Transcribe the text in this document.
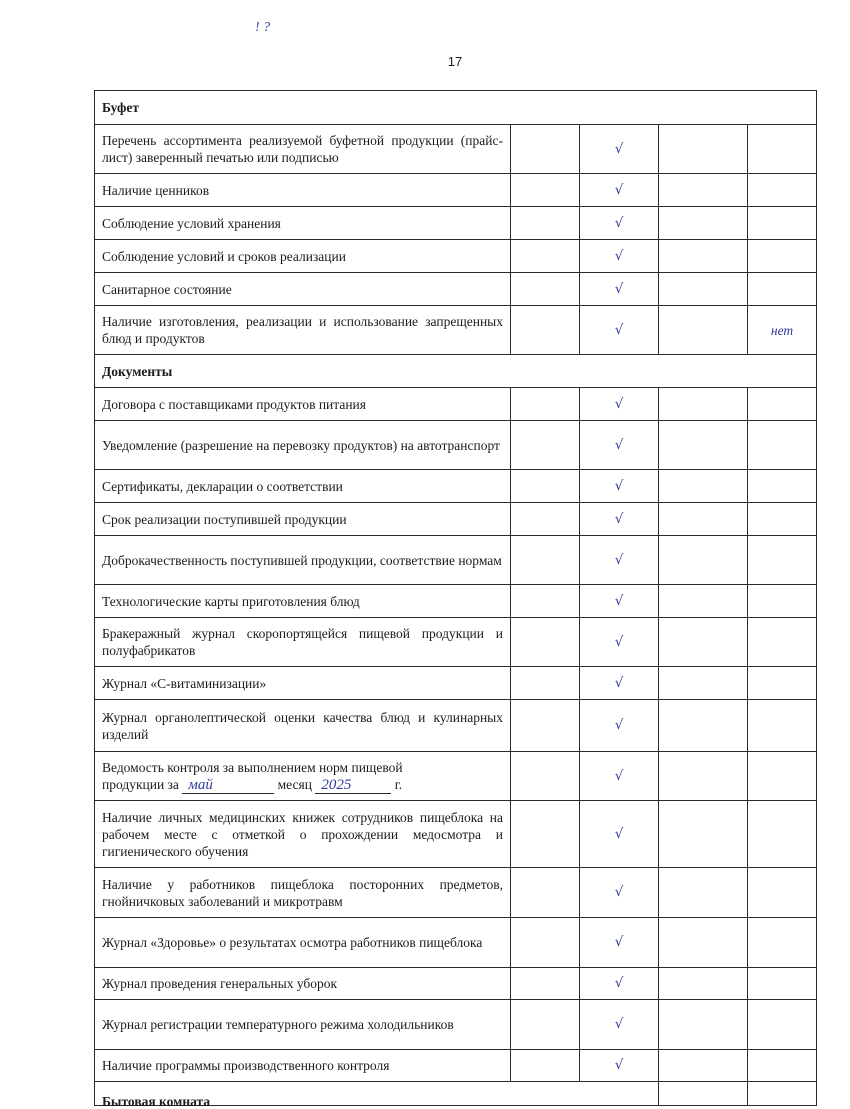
17
! ?
Буфет				
Перечень ассортимента реализуемой буфетной продукции (прайс-лист) заверенный печатью или подписью		√		
Наличие ценников		√		
Соблюдение условий хранения		√		
Соблюдение условий и сроков реализации		√		
Санитарное состояние		√		
Наличие изготовления, реализации и использование запрещенных блюд и продуктов		√		нет
Документы				
Договора с поставщиками продуктов питания		√		
Уведомление (разрешение на перевозку продуктов) на автотранспорт		√		
Сертификаты, декларации о соответствии		√		
Срок реализации поступившей продукции		√		
Доброкачественность поступившей продукции, соответствие нормам		√		
Технологические карты приготовления блюд		√		
Бракеражный журнал скоропортящейся пищевой продукции и полуфабрикатов		√		
Журнал «С-витаминизации»		√		
Журнал органолептической оценки качества блюд и кулинарных изделий		√		
Ведомость контроля за выполнением норм пищевой
продукции за май месяц 2025 г.		√		
Наличие личных медицинских книжек сотрудников пищеблока на рабочем месте с отметкой о прохождении медосмотра и гигиенического обучения		√		
Наличие у работников пищеблока посторонних предметов, гнойничковых заболеваний и микротравм		√		
Журнал «Здоровье» о результатах осмотра работников пищеблока		√		
Журнал проведения генеральных уборок		√		
Журнал регистрации температурного режима холодильников		√		
Наличие программы производственного контроля		√		
Бытовая комната				
